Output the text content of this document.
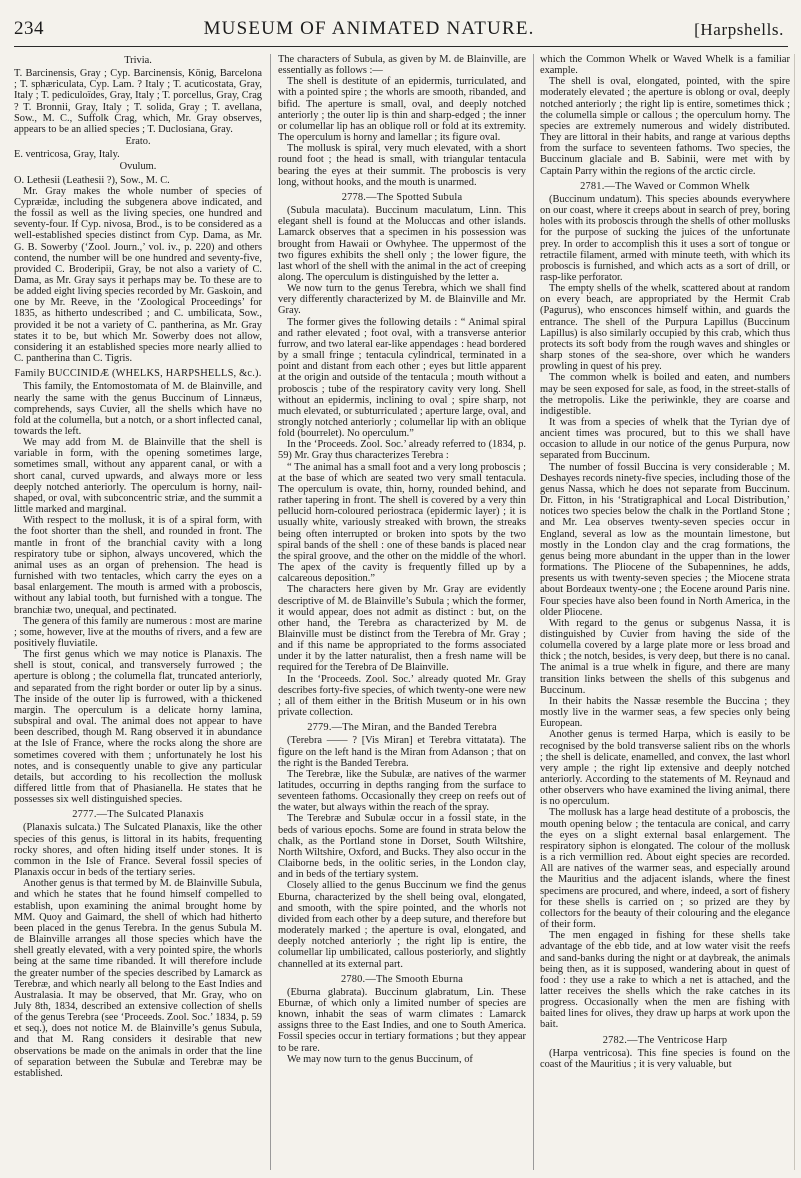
234	MUSEUM OF ANIMATED NATURE.	[Harpshells.

Trivia.

T. Barcinensis, Gray ; Cyp. Barcinensis, König, Barcelona ; T. sphæriculata, Cyp. Lam. ? Italy ; T. acuticostata, Gray, Italy ; T. pediculoïdes, Gray, Italy ; T. porcellus, Gray, Crag ? T. Bronnii, Gray, Italy ; T. solida, Gray ; T. avellana, Sow., M. C., Suffolk Crag, which, Mr. Gray observes, appears to be an allied species ; T. Duclosiana, Gray.

Erato.

E. ventricosa, Gray, Italy.

Ovulum.

O. Lethesii (Leathesii ?), Sow., M. C.

Mr. Gray makes the whole number of species of Cypræidæ, including the subgenera above indicated, and the fossil as well as the living species, one hundred and seventy-four. If Cyp. nivosa, Brod., is to be considered as a well-established species distinct from Cyp. Dama, as Mr. G. B. Sowerby (‘Zool. Journ.,’ vol. iv., p. 220) and others contend, the number will be one hundred and seventy-five, provided C. Broderipii, Gray, be not also a variety of C. Dama, as Mr. Gray says it perhaps may be. To these are to be added eight living species recorded by Mr. Gaskoin, and one by Mr. Reeve, in the ‘Zoological Proceedings’ for 1835, as hitherto undescribed ; and C. umbilicata, Sow., provided it be not a variety of C. pantherina, as Mr. Gray states it to be, but which Mr. Sowerby does not allow, considering it an established species more nearly allied to C. pantherina than C. Tigris.

Family BUCCINIDÆ (WHELKS, HARPSHELLS, &c.).

This family, the Entomostomata of M. de Blainville, and nearly the same with the genus Buccinum of Linnæus, comprehends, says Cuvier, all the shells which have no fold at the columella, but a notch, or a short inflected canal, towards the left.

We may add from M. de Blainville that the shell is variable in form, with the opening sometimes large, sometimes small, without any apparent canal, or with a short canal, curved upwards, and always more or less deeply notched anteriorly. The operculum is horny, nail-shaped, or oval, with subconcentric striæ, and the summit a little marked and marginal.

With respect to the mollusk, it is of a spiral form, with the foot shorter than the shell, and rounded in front. The mantle in front of the branchial cavity with a long respiratory tube or siphon, always uncovered, which the animal uses as an organ of prehension. The head is furnished with two tentacles, which carry the eyes on a basal enlargement. The mouth is armed with a proboscis, without any labial tooth, but furnished with a tongue. The branchiæ two, unequal, and pectinated.

The genera of this family are numerous : most are marine ; some, however, live at the mouths of rivers, and a few are positively fluviatile.

The first genus which we may notice is Planaxis. The shell is stout, conical, and transversely furrowed ; the aperture is oblong ; the columella flat, truncated anteriorly, and separated from the right border or outer lip by a sinus. The inside of the outer lip is furrowed, with a thickened margin. The operculum is a delicate horny lamina, subspiral and oval. The animal does not appear to have been described, though M. Rang observed it in abundance at the Isle of France, where the rocks along the shore are sometimes covered with them ; unfortunately he lost his notes, and is consequently unable to give any particular details, but according to his recollection the mollusk differed little from that of Phasianella. He states that he possesses six well distinguished species.

2777.—The Sulcated Planaxis

(Planaxis sulcata.) The Sulcated Planaxis, like the other species of this genus, is littoral in its habits, frequenting rocky shores, and often hiding itself under stones. It is common in the Isle of France. Several fossil species of Planaxis occur in beds of the tertiary series.

Another genus is that termed by M. de Blainville Subula, and which he states that he found himself compelled to establish, upon examining the animal brought home by MM. Quoy and Gaimard, the shell of which had hitherto been placed in the genus Terebra. In the genus Subula M. de Blainville arranges all those species which have the shell greatly elevated, with a very pointed spire, the whorls being at the same time ribanded. It will therefore include the greater number of the species described by Lamarck as Terebræ, and which nearly all belong to the East Indies and Australasia. It may be observed, that Mr. Gray, who on July 8th, 1834, described an extensive collection of shells of the genus Terebra (see ‘Proceeds. Zool. Soc.’ 1834, p. 59 et seq.), does not notice M. de Blainville’s genus Subula, and that M. Rang considers it desirable that new observations be made on the animals in order that the line of separation between the Subulæ and Terebræ may be established.

The characters of Subula, as given by M. de Blainville, are essentially as follows :—

The shell is destitute of an epidermis, turriculated, and with a pointed spire ; the whorls are smooth, ribanded, and bifid. The aperture is small, oval, and deeply notched anteriorly ; the outer lip is thin and sharp-edged ; the inner or columellar lip has an oblique roll or fold at its extremity. The operculum is horny and lamellar ; its figure oval.

The mollusk is spiral, very much elevated, with a short round foot ; the head is small, with triangular tentacula bearing the eyes at their summit. The proboscis is very long, without hooks, and the mouth is unarmed.

2778.—The Spotted Subula

(Subula maculata). Buccinum maculatum, Linn. This elegant shell is found at the Moluccas and other islands. Lamarck observes that a specimen in his possession was brought from Hawaii or Owhyhee. The uppermost of the two figures exhibits the shell only ; the lower figure, the last whorl of the shell with the animal in the act of creeping along. The operculum is distinguished by the letter a.

We now turn to the genus Terebra, which we shall find very differently characterized by M. de Blainville and Mr. Gray.

The former gives the following details : “ Animal spiral and rather elevated ; foot oval, with a transverse anterior furrow, and two lateral ear-like appendages : head bordered by a small fringe ; tentacula cylindrical, terminated in a point and distant from each other ; eyes but little apparent at the origin and outside of the tentacula ; mouth without a proboscis ; tube of the respiratory cavity very long. Shell without an epidermis, inclining to oval ; spire sharp, not much elevated, or subturriculated ; aperture large, oval, and strongly notched anteriorly ; columellar lip with an oblique fold (bourrelet). No operculum.”

In the ‘Proceeds. Zool. Soc.’ already referred to (1834, p. 59) Mr. Gray thus characterizes Terebra :

“ The animal has a small foot and a very long proboscis ; at the base of which are seated two very small tentacula. The operculum is ovate, thin, horny, rounded behind, and rather tapering in front. The shell is covered by a very thin pellucid horn-coloured periostraca (epidermic layer) ; it is usually white, variously streaked with brown, the streaks being often interrupted or broken into spots by the two spiral bands of the shell : one of these bands is placed near the spiral groove, and the other on the middle of the whorl. The apex of the cavity is frequently filled up by a calcareous deposition.”

The characters here given by Mr. Gray are evidently descriptive of M. de Blainville’s Subula ; which the former, it would appear, does not admit as distinct : but, on the other hand, the Terebra as characterized by M. de Blainville must be distinct from the Terebra of Mr. Gray ; and if this name be appropriated to the forms associated under it by the latter naturalist, then a fresh name will be required for the Terebra of De Blainville.

In the ‘Proceeds. Zool. Soc.’ already quoted Mr. Gray describes forty-five species, of which twenty-one were new ; all of them either in the British Museum or in his own private collection.

2779.—The Miran, and the Banded Terebra

(Terebra —— ? [Vis Miran] et Terebra vittatata). The figure on the left hand is the Miran from Adanson ; that on the right is the Banded Terebra.

The Terebræ, like the Subulæ, are natives of the warmer latitudes, occurring in depths ranging from the surface to seventeen fathoms. Occasionally they creep on reefs out of the water, but always within the reach of the spray.

The Terebræ and Subulæ occur in a fossil state, in the beds of various epochs. Some are found in strata below the chalk, as the Portland stone in Dorset, South Wiltshire, North Wiltshire, Oxford, and Bucks. They also occur in the Claiborne beds, in the oolitic series, in the London clay, and in beds of the tertiary system.

Closely allied to the genus Buccinum we find the genus Eburna, characterized by the shell being oval, elongated, and smooth, with the spire pointed, and the whorls not divided from each other by a deep suture, and therefore but moderately marked ; the aperture is oval, elongated, and deeply notched anteriorly ; the right lip is entire, the columellar lip umbilicated, callous posteriorly, and slightly channelled at its external part.

2780.—The Smooth Eburna

(Eburna glabrata). Buccinum glabratum, Lin. These Eburnæ, of which only a limited number of species are known, inhabit the seas of warm climates : Lamarck assigns three to the East Indies, and one to South America. Fossil species occur in tertiary formations ; but they appear to be rare.

We may now turn to the genus Buccinum, of

which the Common Whelk or Waved Whelk is a familiar example.

The shell is oval, elongated, pointed, with the spire moderately elevated ; the aperture is oblong or oval, deeply notched anteriorly ; the right lip is entire, sometimes thick ; the columella simple or callous ; the operculum horny. The species are extremely numerous and widely distributed. They are littoral in their habits, and range at various depths from the surface to seventeen fathoms. Two species, the Buccinum glaciale and B. Sabinii, were met with by Captain Parry within the regions of the arctic circle.

2781.—The Waved or Common Whelk

(Buccinum undatum). This species abounds everywhere on our coast, where it creeps about in search of prey, boring holes with its proboscis through the shells of other mollusks for the purpose of sucking the juices of the unfortunate prey. In order to accomplish this it uses a sort of tongue or retractile filament, armed with minute teeth, with which its proboscis is furnished, and which acts as a sort of drill, or rasp-like perforator.

The empty shells of the whelk, scattered about at random on every beach, are appropriated by the Hermit Crab (Pagurus), who ensconces himself within, and guards the entrance. The shell of the Purpura Lapillus (Buccinum Lapillus) is also similarly occupied by this crab, which thus protects its soft body from the rough waves and shingles or sharp stones of the sea-shore, over which he wanders prowling in quest of his prey.

The common whelk is boiled and eaten, and numbers may be seen exposed for sale, as food, in the street-stalls of the metropolis. Like the periwinkle, they are coarse and indigestible.

It was from a species of whelk that the Tyrian dye of ancient times was procured, but to this we shall have occasion to allude in our notice of the genus Purpura, now separated from Buccinum.

The number of fossil Buccina is very considerable ; M. Deshayes records ninety-five species, including those of the genus Nassa, which he does not separate from Buccinum. Dr. Fitton, in his ‘Stratigraphical and Local Distribution,’ notices two species below the chalk in the Portland Stone ; and Mr. Lea observes twenty-seven species occur in England, several as low as the mountain limestone, but mostly in the London clay and the crag formations, the genus being more abundant in the upper than in the lower formations. The Pliocene of the Subapennines, he adds, presents us with twenty-seven species ; the Miocene strata about Bordeaux twenty-one ; the Eocene around Paris nine. Four species have also been found in North America, in the older Pliocene.

With regard to the genus or subgenus Nassa, it is distinguished by Cuvier from having the side of the columella covered by a large plate more or less broad and thick ; the notch, besides, is very deep, but there is no canal. The animal is a true whelk in figure, and there are many transition links between the shells of this subgenus and Buccinum.

In their habits the Nassæ resemble the Buccina ; they mostly live in the warmer seas, a few species only being European.

Another genus is termed Harpa, which is easily to be recognised by the bold transverse salient ribs on the whorls ; the shell is delicate, enamelled, and convex, the last whorl very ample ; the right lip extensive and deeply notched anteriorly. According to the statements of M. Reynaud and other observers who have examined the living animal, there is no operculum.

The mollusk has a large head destitute of a proboscis, the mouth opening below ; the tentacula are conical, and carry the eyes on a slight external basal enlargement. The respiratory siphon is elongated. The colour of the mollusk is a rich vermillion red. About eight species are recorded. All are natives of the warmer seas, and especially around the Mauritius and the adjacent islands, where the finest specimens are procured, and where, indeed, a sort of fishery for these shells is carried on ; so prized are they by collectors for the beauty of their colouring and the elegance of their form.

The men engaged in fishing for these shells take advantage of the ebb tide, and at low water visit the reefs and sand-banks during the night or at daybreak, the animals being then, as it is supposed, wandering about in quest of food : they use a rake to which a net is attached, and the latter receives the shells which the rake catches in its progress. Occasionally when the men are fishing with baited lines for olives, they draw up harps at work upon the bait.

2782.—The Ventricose Harp

(Harpa ventricosa). This fine species is found on the coast of the Mauritius ; it is very valuable, but
